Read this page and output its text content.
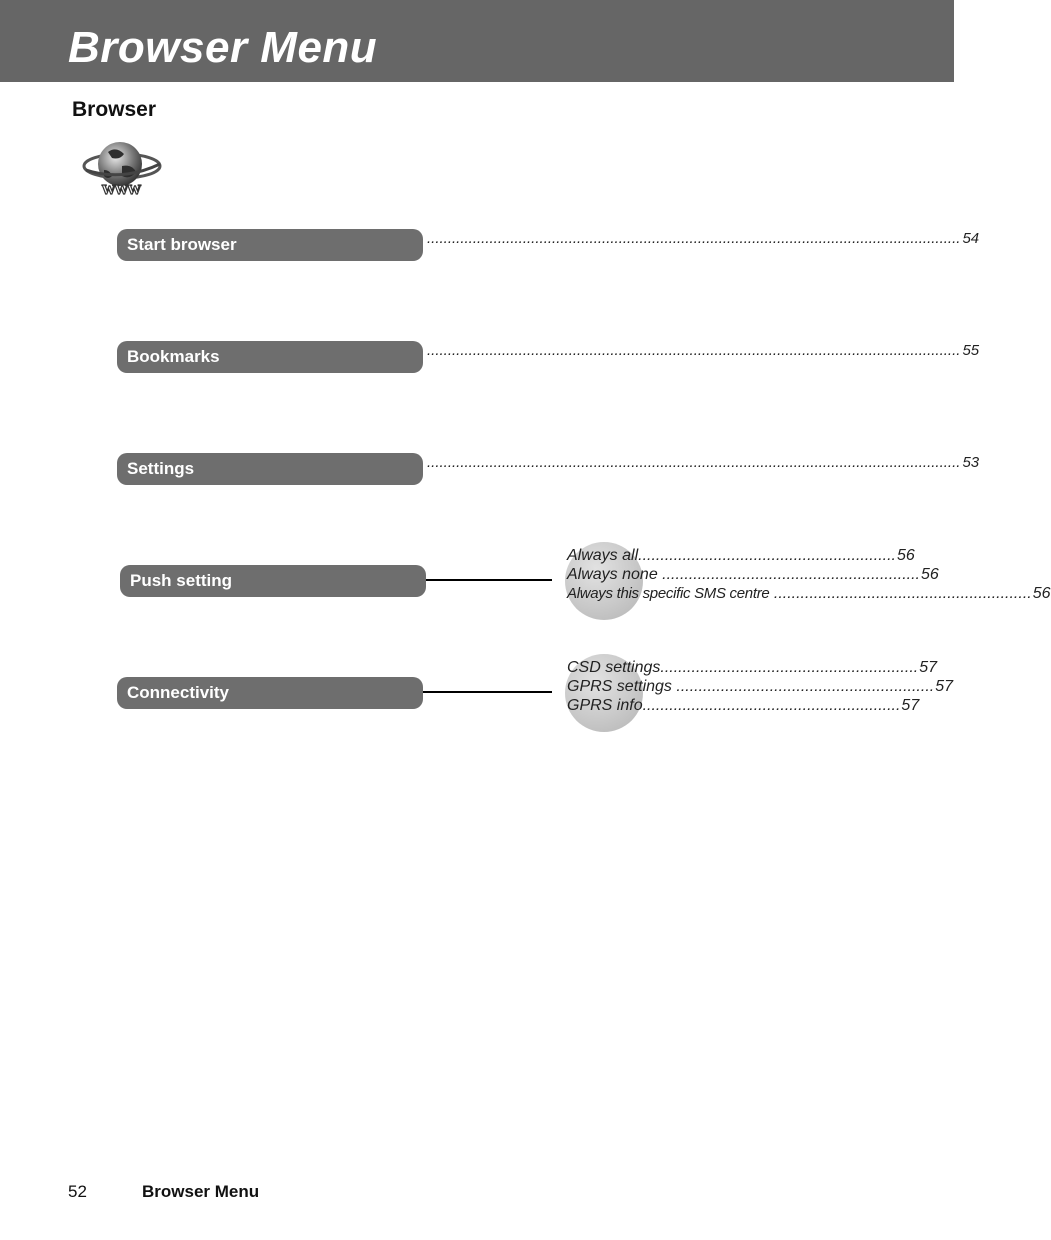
Browser Menu
Browser
www
Start browser	................................................................................................................................ 54
Bookmarks	................................................................................................................................ 55
Settings	................................................................................................................................ 53
Push setting
Always all .......................................................... 56
Always none .......................................................... 56
Always this specific SMS centre .......................................................... 56
Connectivity
CSD settings .......................................................... 57
GPRS settings .......................................................... 57
GPRS info .......................................................... 57
52	Browser Menu
